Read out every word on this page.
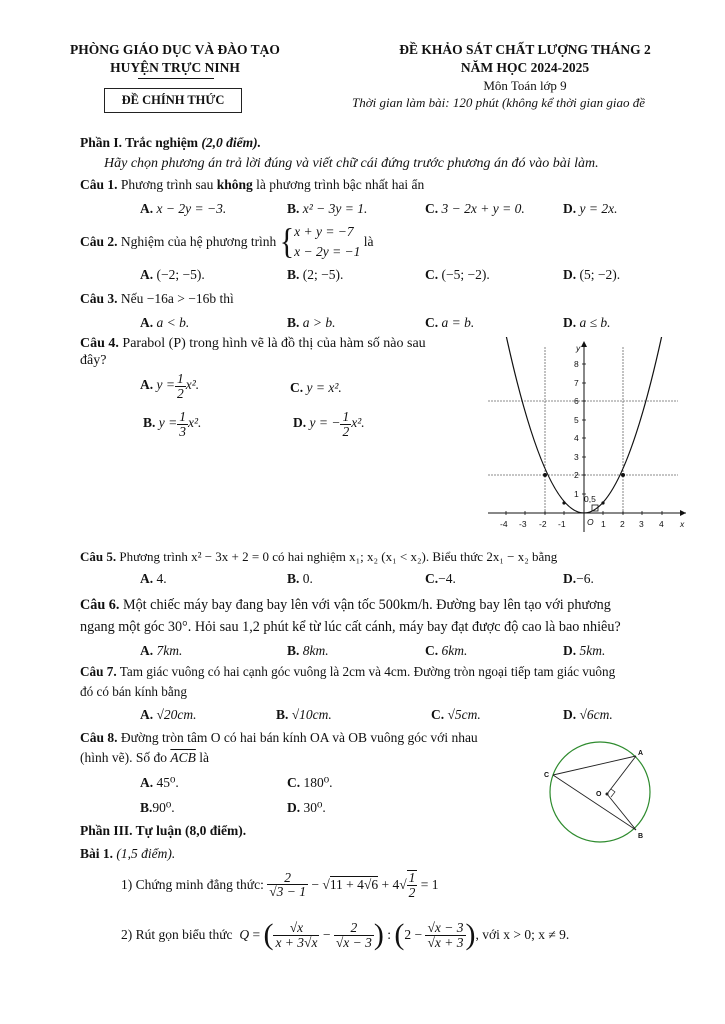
PHÒNG GIÁO DỤC VÀ ĐÀO TẠO
HUYỆN TRỰC NINH
ĐỀ CHÍNH THỨC
ĐỀ KHẢO SÁT CHẤT LƯỢNG THÁNG 2
NĂM HỌC 2024-2025
Môn Toán lớp 9
Thời gian làm bài: 120 phút (không kể thời gian giao đề
Phần I. Trắc nghiệm (2,0 điểm).
Hãy chọn phương án trả lời đúng và viết chữ cái đứng trước phương án đó vào bài làm.
Câu 1. Phương trình sau không là phương trình bậc nhất hai ẩn
A. x − 2y = −3.	B. x² − 3y = 1.	C. 3 − 2x + y = 0.	D. y = 2x.
Câu 2.
Nghiệm của hệ phương trình
{ x + y = −7
x − 2y = −1

là
A. (−2; −5).	B. (2; −5).	C. (−5; −2).	D. (5; −2).
Câu 3. Nếu −16a > −16b thì
A. a < b.	B. a > b.	C. a = b.	D. a ≤ b.
Câu 4. Parabol (P) trong hình vẽ là đồ thị của hàm số nào sau
đây?
A. $y = \frac{1}{2} x^2$.	C. y = x².
B. $y = \frac{1}{3} x^2$.	D. y = − $\frac{1}{2} x^2$.
x
y
O
0,5
-4 -3 -2 -1	1 2 3 4
1
2
3
4
5
6
7
8
Câu 5. Phương trình x² − 3x + 2 = 0 có hai nghiệm x₁; x₂ (x₁ < x₂). Biểu thức 2x₁ − x₂ bằng
A. 4.	B. 0.	C.−4.	D.−6.
Câu 6. Một chiếc máy bay đang bay lên với vận tốc 500km/h. Đường bay lên tạo với phương
ngang một góc 30°. Hỏi sau 1,2 phút kể từ lúc cất cánh, máy bay đạt được độ cao là bao nhiêu?
A. 7km.	B. 8km.	C. 6km.	D. 5km.
Câu 7. Tam giác vuông có hai cạnh góc vuông là 2cm và 4cm. Đường tròn ngoại tiếp tam giác vuông
đó có bán kính bằng
A. √20cm.	B. √10cm.	C. √5cm.	D. √6cm.
Câu 8. Đường tròn tâm O có hai bán kính OA và OB vuông góc với nhau
(hình vẽ). Số đo $\overline{ACB}$ là
A. 45⁰.	C. 180⁰.
B.90⁰.	D. 30⁰.
A
B
C
O
Phần III. Tự luận (8,0 điểm).
Bài 1. (1,5 điểm).
1) Chứng minh đẳng thức:
$\frac{2}{√3 - 1}$ − √ 11 + 4√6 + 4 √ $\frac{1}{2} = 1$
2) Rút gọn biểu thức
Q = ( $\frac{√x}{x + 3√x} - \frac{2}{√x - 3}$ ) : ( $2 - \frac{√x - 3}{√x + 3}$ ) , với x > 0; x ≠ 9.
